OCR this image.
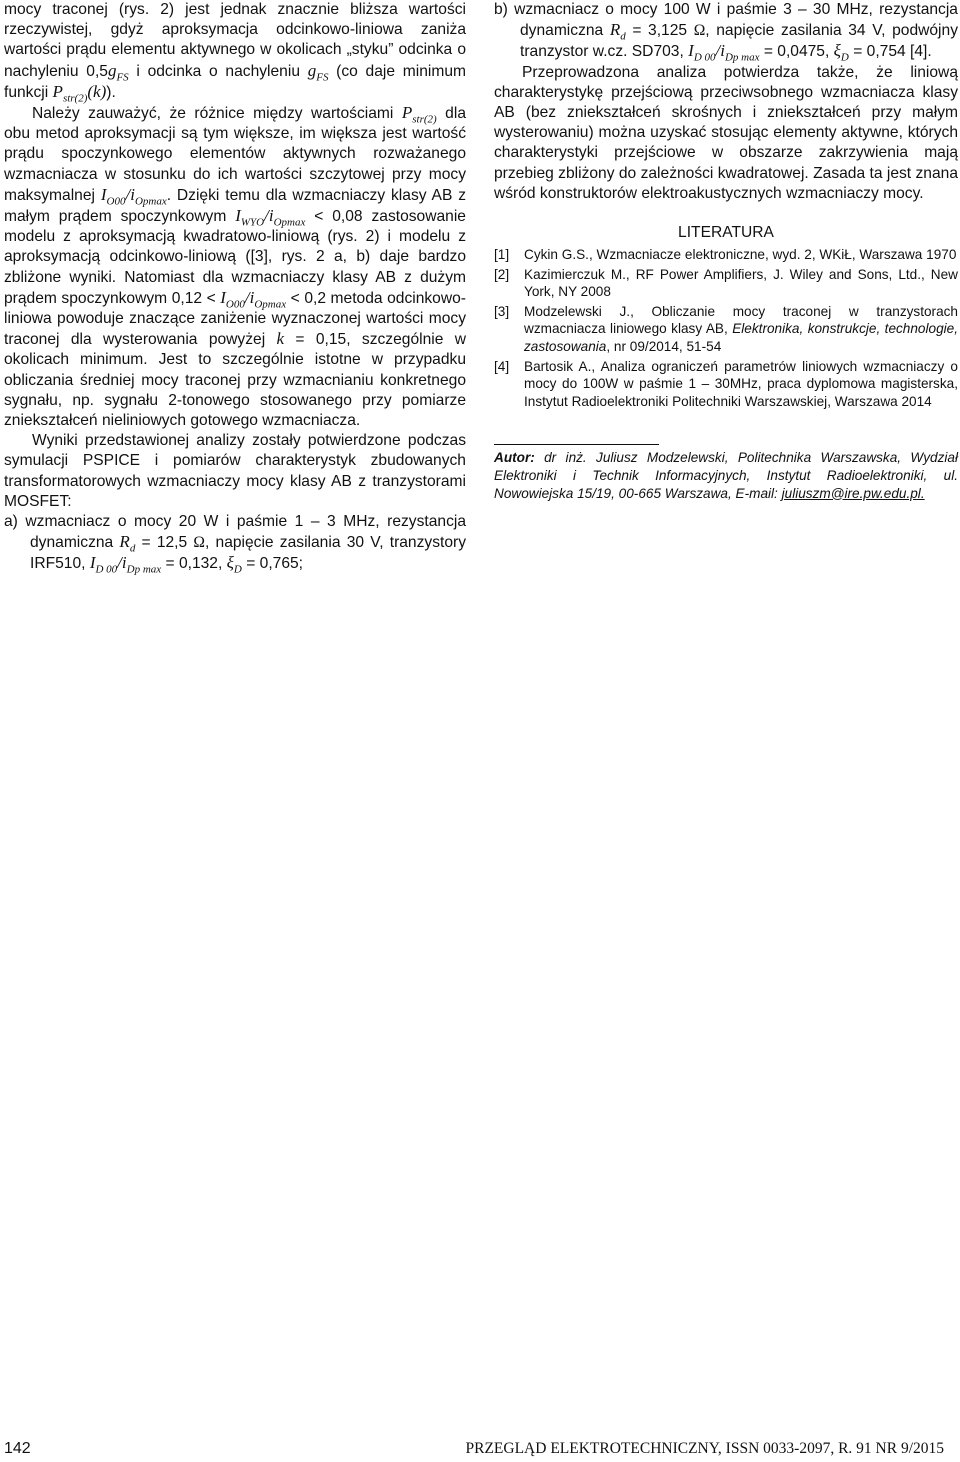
mocy traconej (rys. 2) jest jednak znacznie bliższa wartości rzeczywistej, gdyż aproksymacja odcinkowo-liniowa zaniża wartości prądu elementu aktywnego w okolicach „styku” odcinka o nachyleniu $0,5g_{FS}$ i odcinka o nachyleniu $g_{FS}$ (co daje minimum funkcji $P_{str(2)}(k)$).

Należy zauważyć, że różnice między wartościami $P_{str(2)}$ dla obu metod aproksymacji są tym większe, im większa jest wartość prądu spoczynkowego elementów aktywnych rozważanego wzmacniacza w stosunku do ich wartości szczytowej przy mocy maksymalnej $I_{O00}/i_{Opmax}$. Dzięki temu dla wzmacniaczy klasy AB z małym prądem spoczynkowym $I_{WYO}/i_{Opmax} < 0,08$ zastosowanie modelu z aproksymacją kwadratowo-liniową (rys. 2) i modelu z aproksymacją odcinkowo-liniową ([3], rys. 2 a, b) daje bardzo zbliżone wyniki. Natomiast dla wzmacniaczy klasy AB z dużym prądem spoczynkowym $0,12 < I_{O00}/i_{Opmax} < 0,2$ metoda odcinkowo-liniowa powoduje znaczące zaniżenie wyznaczonej wartości mocy traconej dla wysterowania powyżej k = 0,15, szczególnie w okolicach minimum. Jest to szczególnie istotne w przypadku obliczania średniej mocy traconej przy wzmacnianiu konkretnego sygnału, np. sygnału 2-tonowego stosowanego przy pomiarze zniekształceń nieliniowych gotowego wzmacniacza.

Wyniki przedstawionej analizy zostały potwierdzone podczas symulacji PSPICE i pomiarów charakterystyk zbudowanych transformatorowych wzmacniaczy mocy klasy AB z tranzystorami MOSFET:

a) wzmacniacz o mocy 20 W i paśmie 1 – 3 MHz, rezystancja dynamiczna $R_d = 12,5$ Ω, napięcie zasilania 30 V, tranzystory IRF510, $I_{D 00}/i_{Dp max} = 0,132$, $\xi_D = 0,765$;

b) wzmacniacz o mocy 100 W i paśmie 3 – 30 MHz, rezystancja dynamiczna $R_d = 3,125$ Ω, napięcie zasilania 34 V, podwójny tranzystor w.cz. SD703, $I_{D 00}/i_{Dp max} = 0,0475$, $\xi_D = 0,754$ [4].

Przeprowadzona analiza potwierdza także, że liniową charakterystykę przejściową przeciwsobnego wzmacniacza klasy AB (bez zniekształceń skrośnych i zniekształceń przy małym wysterowaniu) można uzyskać stosując elementy aktywne, których charakterystyki przejściowe w obszarze zakrzywienia mają przebieg zbliżony do zależności kwadratowej. Zasada ta jest znana wśród konstruktorów elektroakustycznych wzmacniaczy mocy.

LITERATURA
[1]	Cykin G.S., Wzmacniacze elektroniczne, wyd. 2, WKiŁ, Warszawa 1970
[2]	Kazimierczuk M., RF Power Amplifiers, J. Wiley and Sons, Ltd., New York, NY 2008
[3]	Modzelewski J., Obliczanie mocy traconej w tranzystorach wzmacniacza liniowego klasy AB, Elektronika, konstrukcje, technologie, zastosowania, nr 09/2014, 51-54
[4]	Bartosik A., Analiza ograniczeń parametrów liniowych wzmacniaczy o mocy do 100W w paśmie 1 – 30MHz, praca dyplomowa magisterska, Instytut Radioelektroniki Politechniki Warszawskiej, Warszawa 2014
Autor: dr inż. Juliusz Modzelewski, Politechnika Warszawska, Wydział Elektroniki i Technik Informacyjnych, Instytut Radioelektroniki, ul. Nowowiejska 15/19, 00-665 Warszawa, E-mail: juliuszm@ire.pw.edu.pl.
142	PRZEGLĄD ELEKTROTECHNICZNY, ISSN 0033-2097, R. 91 NR 9/2015
